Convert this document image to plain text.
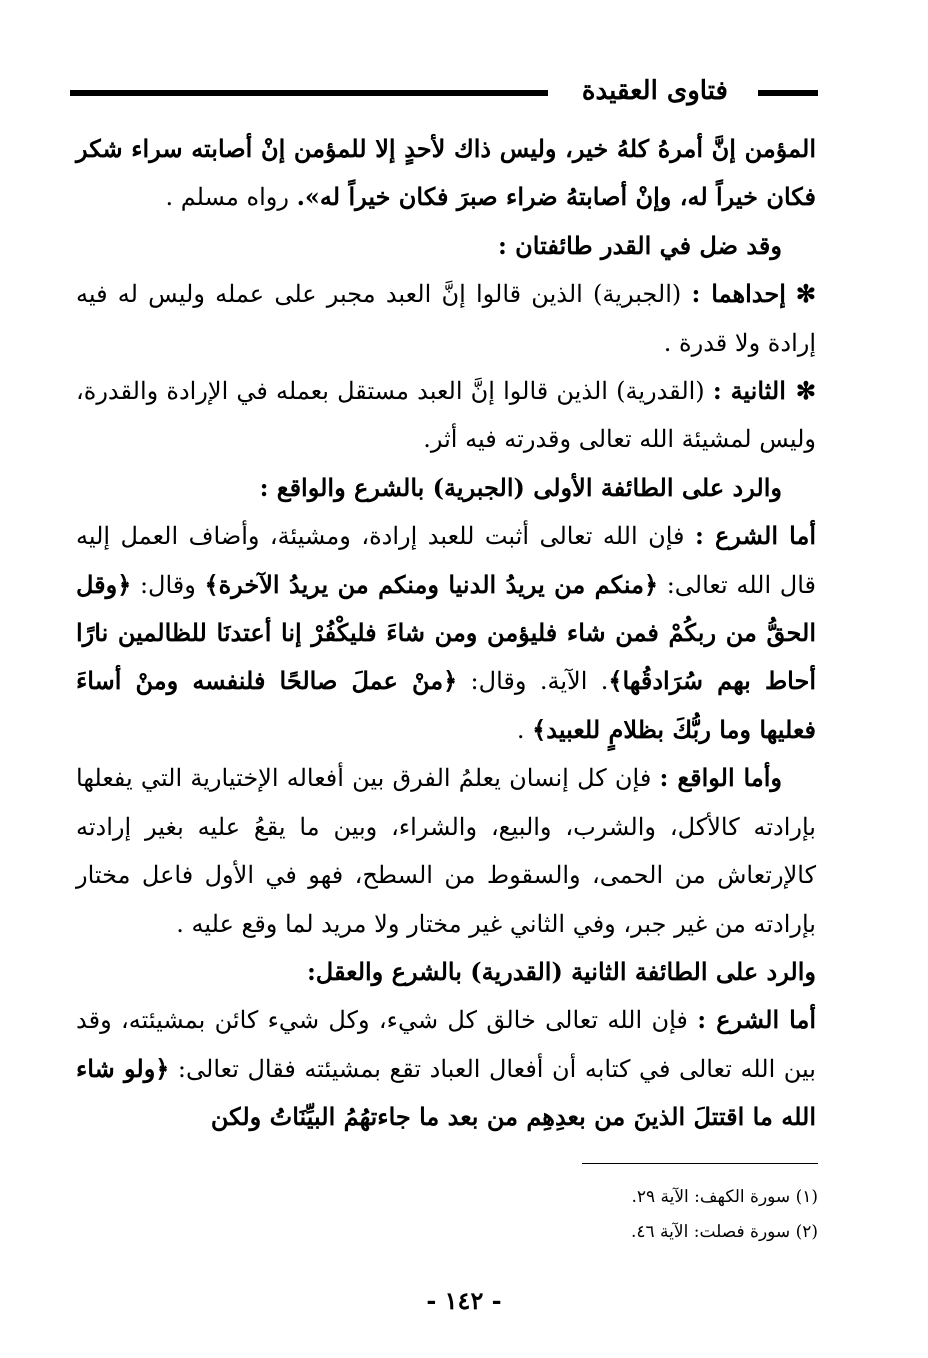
فتاوى العقيدة

المؤمن إنَّ أمرهُ كلهُ خير، وليس ذاك لأحدٍ إلا للمؤمن إنْ أصابته سراء شكر فكان خيراً له، وإنْ أصابتهُ ضراء صبرَ فكان خيراً له». رواه مسلم .

وقد ضل في القدر طائفتان :

✻إحداهما : (الجبرية) الذين قالوا إنَّ العبد مجبر على عمله وليس له فيه إرادة ولا قدرة .

✻الثانية : (القدرية) الذين قالوا إنَّ العبد مستقل بعمله في الإرادة والقدرة، وليس لمشيئة الله تعالى وقدرته فيه أثر.

والرد على الطائفة الأولى (الجبرية) بالشرع والواقع :

أما الشرع : فإن الله تعالى أثبت للعبد إرادة، ومشيئة، وأضاف العمل إليه قال الله تعالى: ﴿منكم من يريدُ الدنيا ومنكم من يريدُ الآخرة﴾ وقال: ﴿وقل الحقُّ من ربكُمْ فمن شاء فليؤمن ومن شاءَ فليكْفُرْ إنا أعتدنَا للظالمين نارًا أحاط بهم سُرَادقُها﴾. الآية. وقال: ﴿منْ عملَ صالحًا فلنفسه ومنْ أساءَ فعليها وما ربُّكَ بظلامٍ للعبيد﴾ .

وأما الواقع : فإن كل إنسان يعلمُ الفرق بين أفعاله الإختيارية التي يفعلها بإرادته كالأكل، والشرب، والبيع، والشراء، وبين ما يقعُ عليه بغير إرادته كالإرتعاش من الحمى، والسقوط من السطح، فهو في الأول فاعل مختار بإرادته من غير جبر، وفي الثاني غير مختار ولا مريد لما وقع عليه .

والرد على الطائفة الثانية (القدرية) بالشرع والعقل:

أما الشرع : فإن الله تعالى خالق كل شيء، وكل شيء كائن بمشيئته، وقد بين الله تعالى في كتابه أن أفعال العباد تقع بمشيئته فقال تعالى: ﴿ولو شاء الله ما اقتتلَ الذينَ من بعدِهِم من بعد ما جاءتهُمُ البيِّنَاتُ ولكن

(١) سورة الكهف: الآية ٢٩.

(٢) سورة فصلت: الآية ٤٦.

- ١٤٢ -
